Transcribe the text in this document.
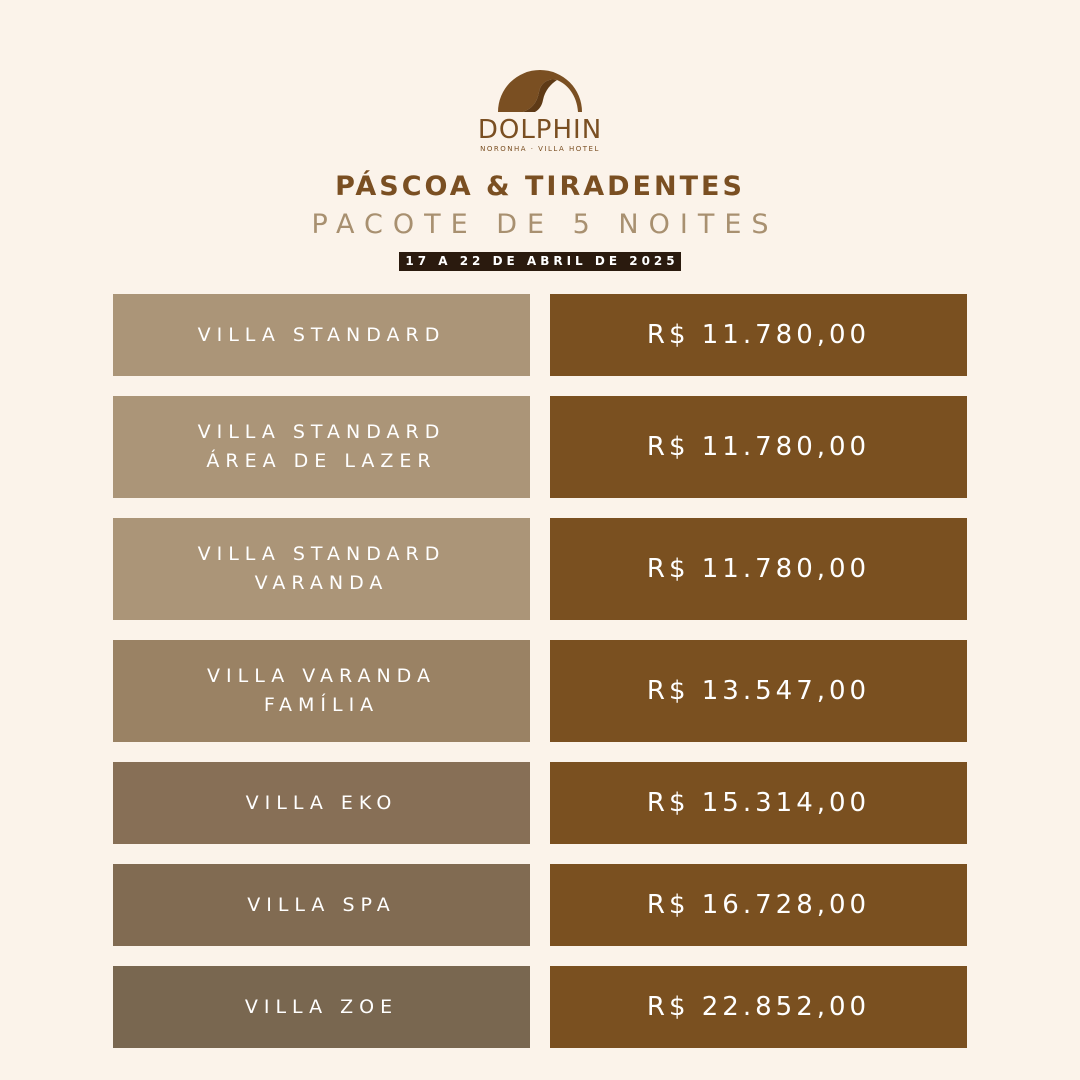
DOLPHIN
NORONHA · VILLA HOTEL
PÁSCOA & TIRADENTES
PACOTE DE 5 NOITES
17 A 22 DE ABRIL DE 2025
VILLA STANDARD	R$ 11.780,00
VILLA STANDARD
ÁREA DE LAZER	R$ 11.780,00
VILLA STANDARD
VARANDA	R$ 11.780,00
VILLA VARANDA
FAMÍLIA	R$ 13.547,00
VILLA EKO	R$ 15.314,00
VILLA SPA	R$ 16.728,00
VILLA ZOE	R$ 22.852,00
